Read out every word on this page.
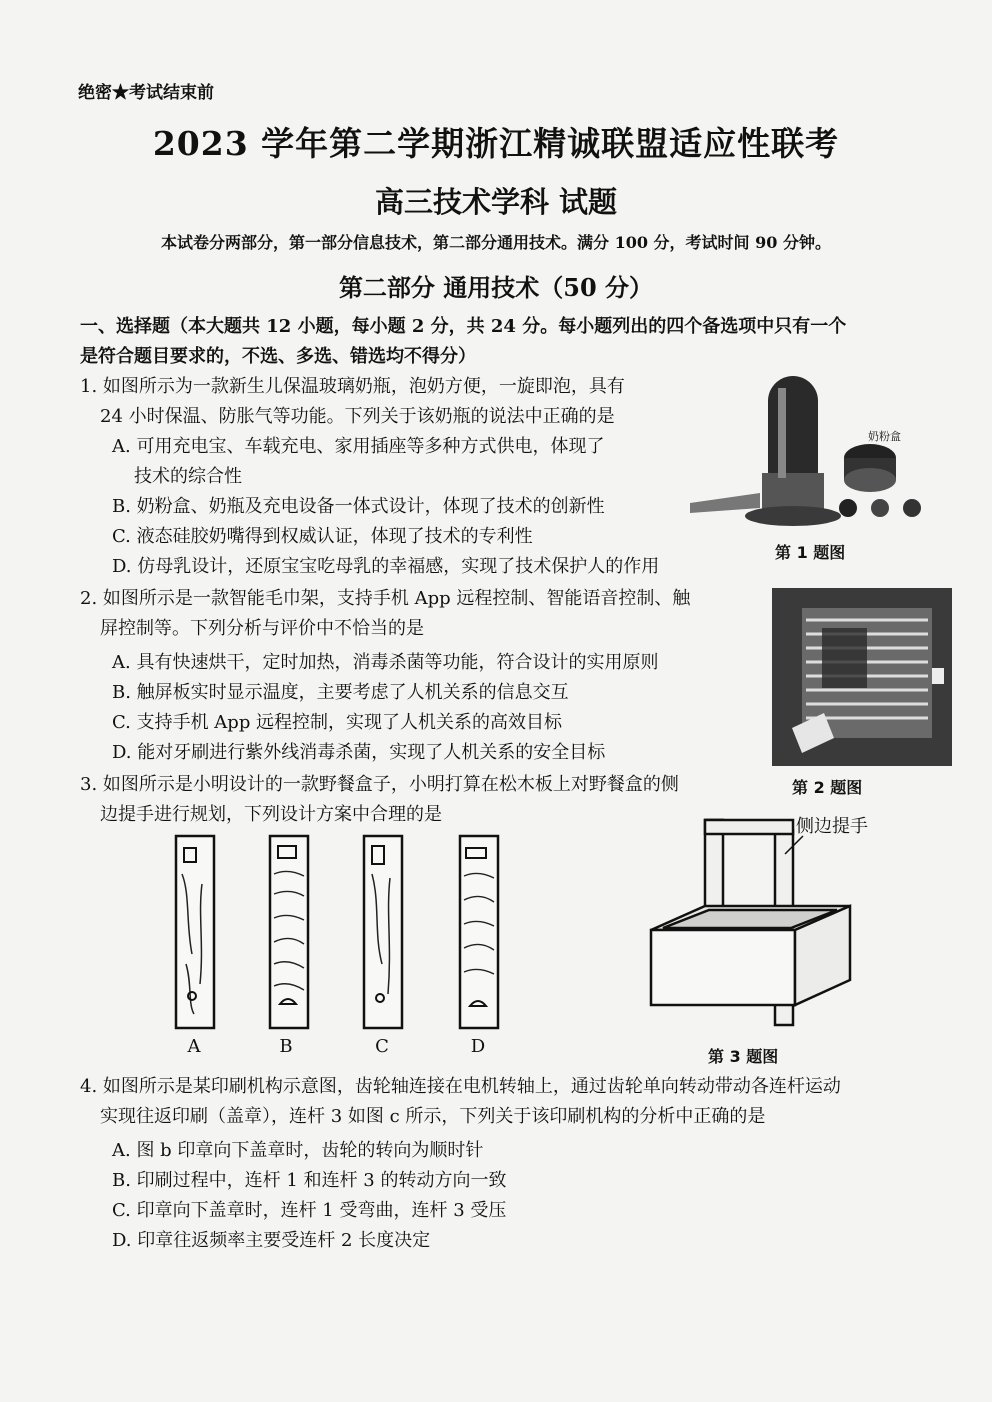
绝密★考试结束前
2023 学年第二学期浙江精诚联盟适应性联考
高三技术学科 试题
本试卷分两部分，第一部分信息技术，第二部分通用技术。满分 100 分，考试时间 90 分钟。
第二部分 通用技术（50 分）
一、选择题（本大题共 12 小题，每小题 2 分，共 24 分。每小题列出的四个备选项中只有一个
是符合题目要求的，不选、多选、错选均不得分）
1. 如图所示为一款新生儿保温玻璃奶瓶，泡奶方便，一旋即泡，具有
24 小时保温、防胀气等功能。下列关于该奶瓶的说法中正确的是
A. 可用充电宝、车载充电、家用插座等多种方式供电，体现了
技术的综合性
B. 奶粉盒、奶瓶及充电设备一体式设计，体现了技术的创新性
C. 液态硅胶奶嘴得到权威认证，体现了技术的专利性
D. 仿母乳设计，还原宝宝吃母乳的幸福感，实现了技术保护人的作用
奶粉盒
第 1 题图
2. 如图所示是一款智能毛巾架，支持手机 App 远程控制、智能语音控制、触
屏控制等。下列分析与评价中不恰当的是
A. 具有快速烘干，定时加热，消毒杀菌等功能，符合设计的实用原则
B. 触屏板实时显示温度，主要考虑了人机关系的信息交互
C. 支持手机 App 远程控制，实现了人机关系的高效目标
D. 能对牙刷进行紫外线消毒杀菌，实现了人机关系的安全目标
第 2 题图
3. 如图所示是小明设计的一款野餐盒子，小明打算在松木板上对野餐盒的侧
边提手进行规划，下列设计方案中合理的是
A	B	C	D
侧边提手
第 3 题图
4. 如图所示是某印刷机构示意图，齿轮轴连接在电机转轴上，通过齿轮单向转动带动各连杆运动
实现往返印刷（盖章），连杆 3 如图 c 所示，下列关于该印刷机构的分析中正确的是
A. 图 b 印章向下盖章时，齿轮的转向为顺时针
B. 印刷过程中，连杆 1 和连杆 3 的转动方向一致
C. 印章向下盖章时，连杆 1 受弯曲，连杆 3 受压
D. 印章往返频率主要受连杆 2 长度决定
